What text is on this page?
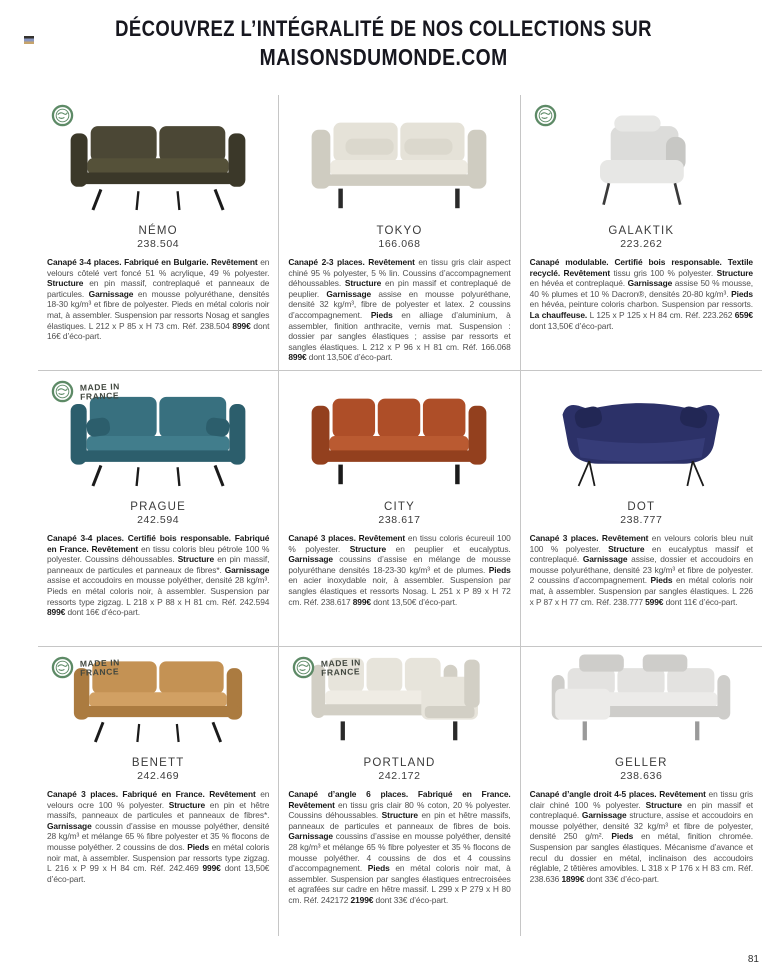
DÉCOUVREZ L’INTÉGRALITÉ DE NOS COLLECTIONS SUR
MAISONSDUMONDE.COM
NÉMO
238.504

Canapé 3-4 places. Fabriqué en Bulgarie. Revêtement en velours côtelé vert foncé 51 % acrylique, 49 % polyester. Structure en pin massif, contreplaqué et panneaux de particules. Garnissage en mousse polyuréthane, densités 18-30 kg/m³ et fibre de polyester. Pieds en métal coloris noir mat, à assembler. Suspension par ressorts Nosag et sangles élastiques. L 212 x P 85 x H 73 cm. Réf. 238.504 899€ dont 16€ d’éco-part.

TOKYO
166.068

Canapé 2-3 places. Revêtement en tissu gris clair aspect chiné 95 % polyester, 5 % lin. Coussins d’accompagnement déhoussables. Structure en pin massif et contreplaqué de peuplier. Garnissage assise en mousse polyuréthane, densité 32 kg/m³, fibre de polyester et latex. 2 coussins d’accompagnement. Pieds en alliage d’aluminium, à assembler, finition anthracite, vernis mat. Suspension : dossier par sangles élastiques ; assise par ressorts et sangles élastiques. L 212 x P 96 x H 81 cm. Réf. 166.068 899€ dont 13,50€ d’éco-part.

GALAKTIK
223.262

Canapé modulable. Certifié bois responsable. Textile recyclé. Revêtement tissu gris 100 % polyester. Structure en hévéa et contreplaqué. Garnissage assise 50 % mousse, 40 % plumes et 10 % Dacron®, densités 20-80 kg/m³. Pieds en hévéa, peinture coloris charbon. Suspension par ressorts. La chauffeuse. L 125 x P 125 x H 84 cm. Réf. 223.262 659€ dont 13,50€ d’éco-part.

MADE IN
FRANCE
PRAGUE
242.594

Canapé 3-4 places. Certifié bois responsable. Fabriqué en France. Revêtement en tissu coloris bleu pétrole 100 % polyester. Coussins déhoussables. Structure en pin massif, panneaux de particules et panneaux de fibres*. Garnissage assise et accoudoirs en mousse polyéther, densité 28 kg/m³. Pieds en métal coloris noir, à assembler. Suspension par ressorts type zigzag. L 218 x P 88 x H 81 cm. Réf. 242.594 899€ dont 16€ d’éco-part.

CITY
238.617

Canapé 3 places. Revêtement en tissu coloris écureuil 100 % polyester. Structure en peuplier et eucalyptus. Garnissage coussins d’assise en mélange de mousse polyuréthane densités 18-23-30 kg/m³ et de plumes. Pieds en acier inoxydable noir, à assembler. Suspension par sangles élastiques et ressorts Nosag. L 251 x P 89 x H 72 cm. Réf. 238.617 899€ dont 13,50€ d’éco-part.

DOT
238.777

Canapé 3 places. Revêtement en velours coloris bleu nuit 100 % polyester. Structure en eucalyptus massif et contreplaqué. Garnissage assise, dossier et accoudoirs en mousse polyuréthane, densité 23 kg/m³ et fibre de polyester. 2 coussins d’accompagnement. Pieds en métal coloris noir mat, à assembler. Suspension par sangles élastiques. L 226 x P 87 x H 77 cm. Réf. 238.777 599€ dont 11€ d’éco-part.

MADE IN
FRANCE
BENETT
242.469

Canapé 3 places. Fabriqué en France. Revêtement en velours ocre 100 % polyester. Structure en pin et hêtre massifs, panneaux de particules et panneaux de fibres*. Garnissage coussin d’assise en mousse polyéther, densité 28 kg/m³ et mélange 65 % fibre polyester et 35 % flocons de mousse polyéther. 2 coussins de dos. Pieds en métal coloris noir mat, à assembler. Suspension par ressorts type zigzag. L 216 x P 99 x H 84 cm. Réf. 242.469 999€ dont 13,50€ d’éco-part.

MADE IN
FRANCE
PORTLAND
242.172

Canapé d’angle 6 places. Fabriqué en France. Revêtement en tissu gris clair 80 % coton, 20 % polyester. Coussins déhoussables. Structure en pin et hêtre massifs, panneaux de particules et panneaux de fibres de bois. Garnissage coussins d’assise en mousse polyéther, densité 28 kg/m³ et mélange 65 % fibre polyester et 35 % flocons de mousse polyéther. 4 coussins de dos et 4 coussins d’accompagnement. Pieds en métal coloris noir mat, à assembler. Suspension par sangles élastiques entrecroisées et agrafées sur cadre en hêtre massif. L 299 x P 279 x H 80 cm. Réf. 242172 2199€ dont 33€ d’éco-part.

GELLER
238.636

Canapé d’angle droit 4-5 places. Revêtement en tissu gris clair chiné 100 % polyester. Structure en pin massif et contreplaqué. Garnissage structure, assise et accoudoirs en mousse polyéther, densité 32 kg/m³ et fibre de polyester, densité 250 g/m². Pieds en métal, finition chromée. Suspension par sangles élastiques. Mécanisme d’avance et recul du dossier en métal, inclinaison des accoudoirs réglable, 2 têtières amovibles. L 318 x P 176 x H 83 cm. Réf. 238.636 1899€ dont 33€ d’éco-part.

81
